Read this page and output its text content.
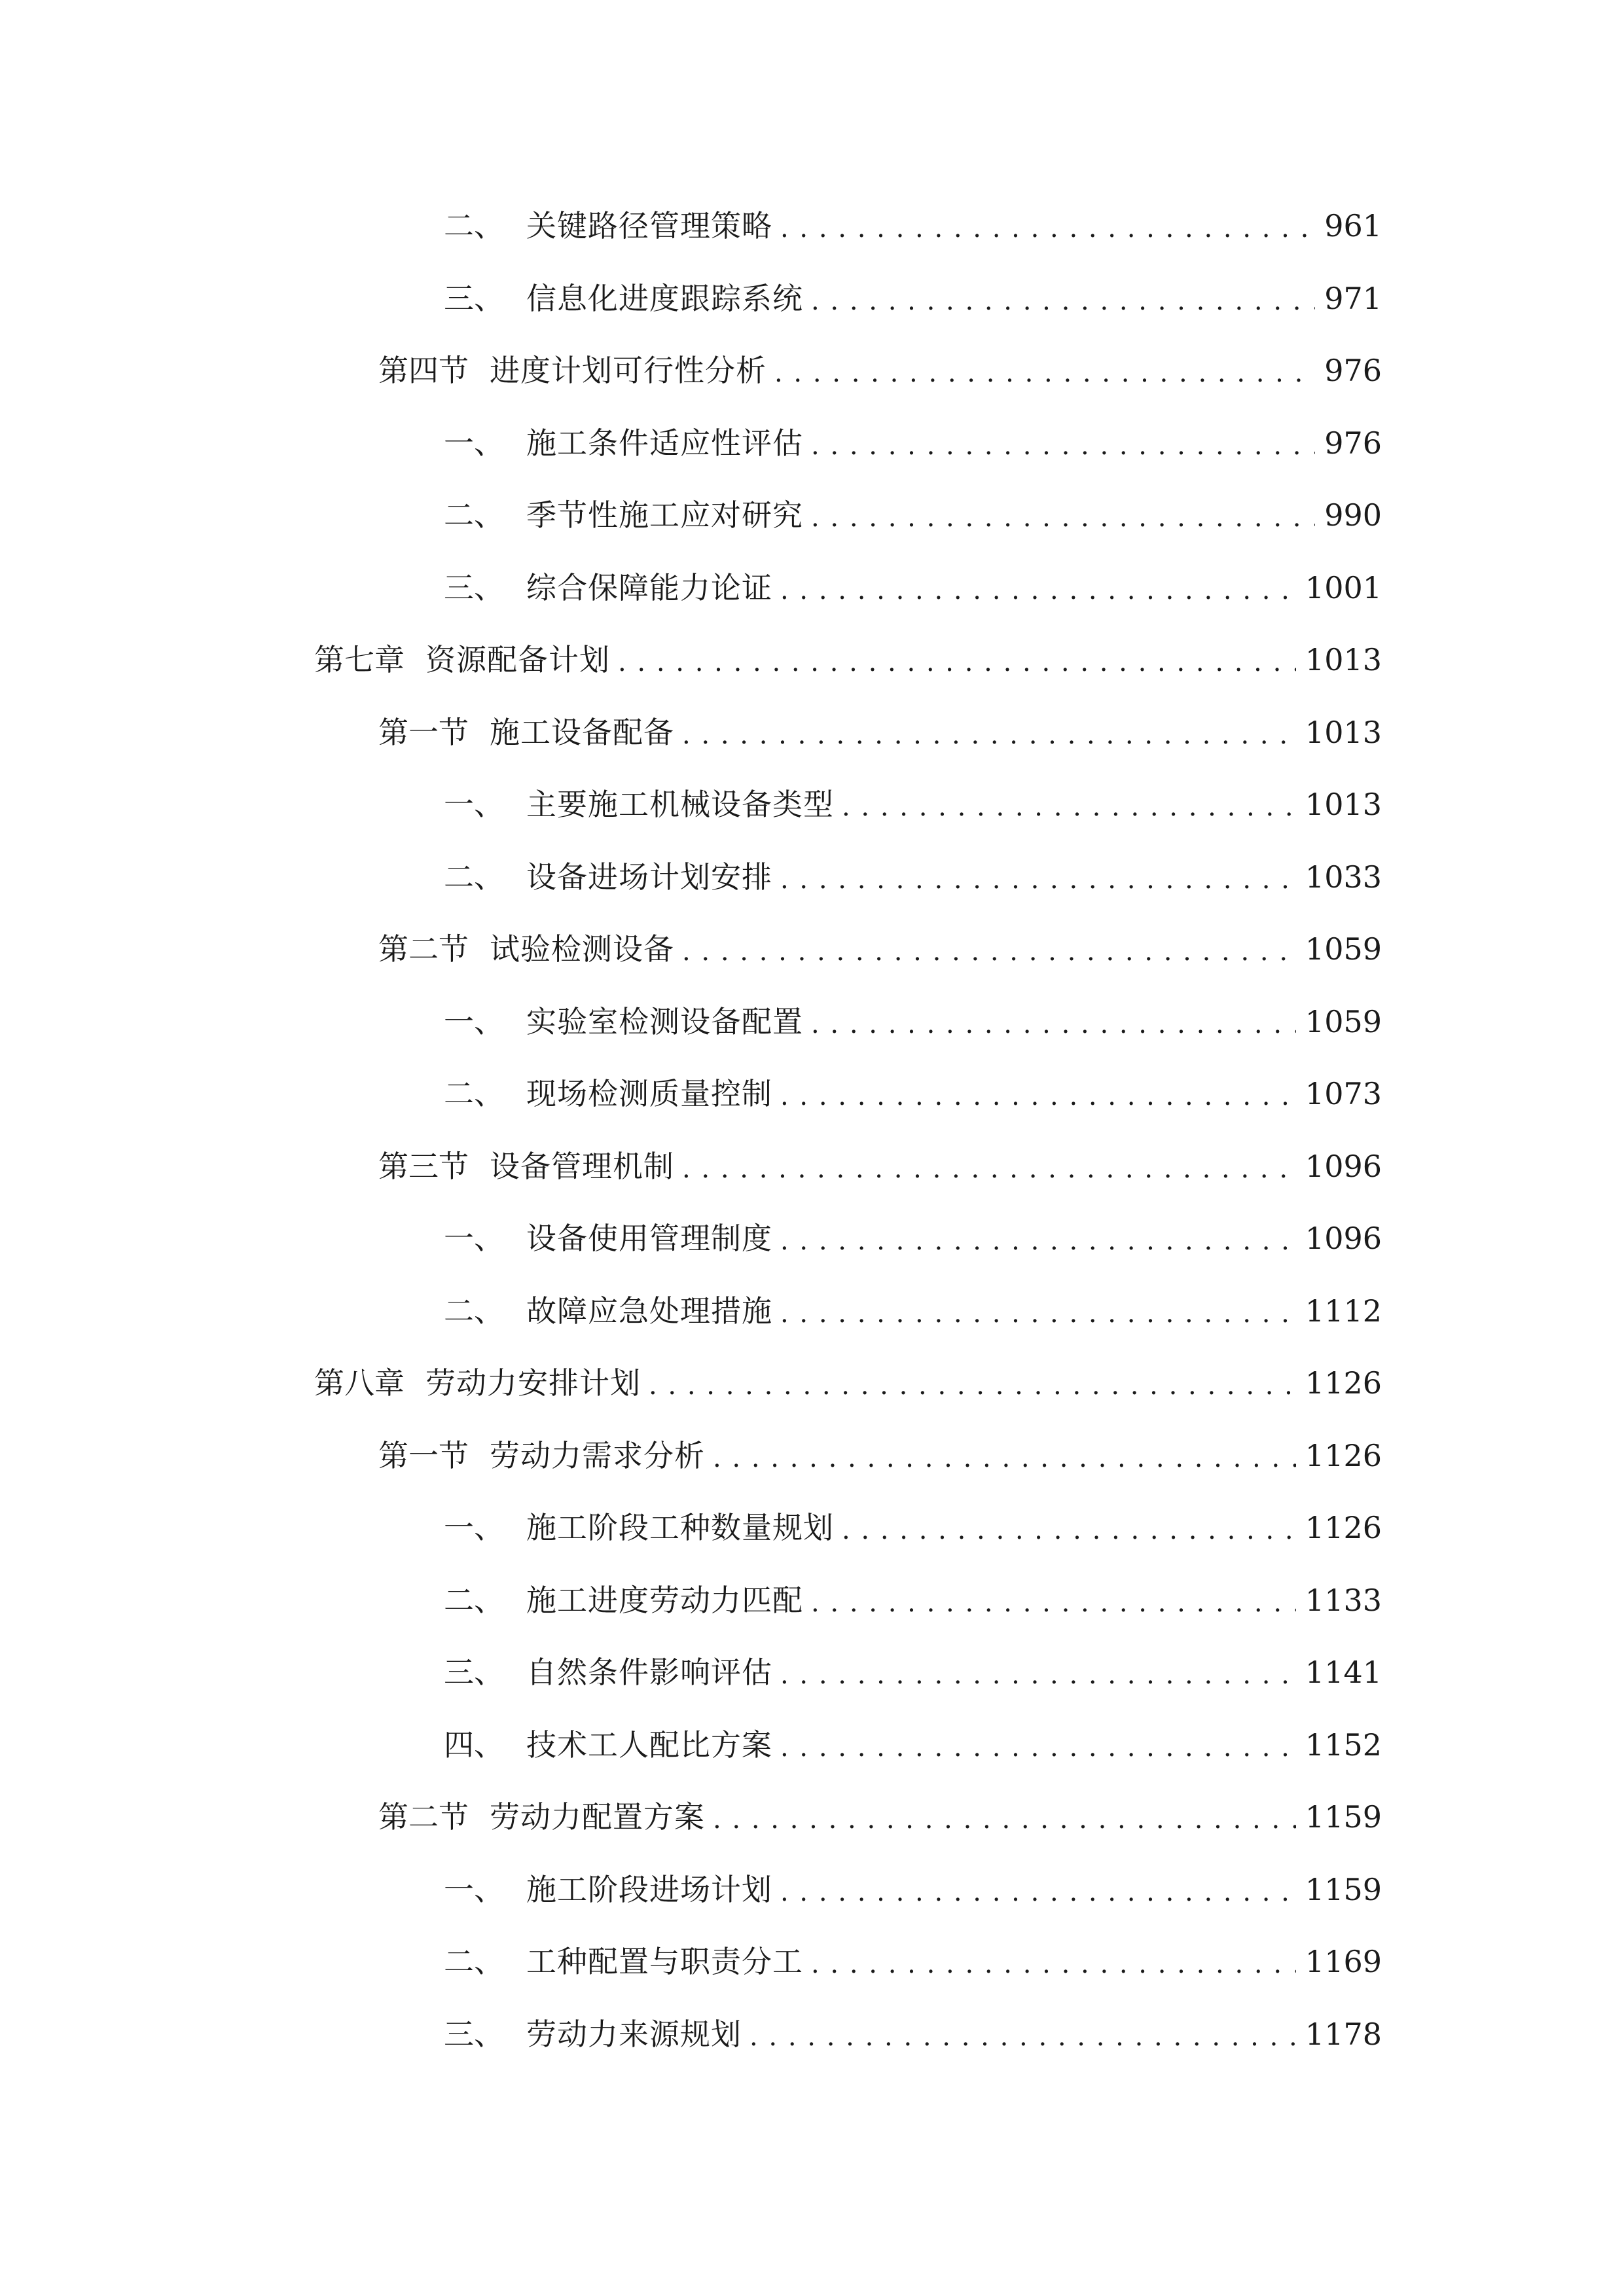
二、 关键路径管理策略 . . .	961
三、 信息化进度跟踪系统 . . .	971
第四节 进度计划可行性分析 . . .	976
一、 施工条件适应性评估 . . .	976
二、 季节性施工应对研究 . . .	990
三、 综合保障能力论证 . . .	1001
第七章 资源配备计划 . . .	1013
第一节 施工设备配备 . . .	1013
一、 主要施工机械设备类型 . . .	1013
二、 设备进场计划安排 . . .	1033
第二节 试验检测设备 . . .	1059
一、 实验室检测设备配置 . . .	1059
二、 现场检测质量控制 . . .	1073
第三节 设备管理机制 . . .	1096
一、 设备使用管理制度 . . .	1096
二、 故障应急处理措施 . . .	1112
第八章 劳动力安排计划 . . .	1126
第一节 劳动力需求分析 . . .	1126
一、 施工阶段工种数量规划 . . .	1126
二、 施工进度劳动力匹配 . . .	1133
三、 自然条件影响评估 . . .	1141
四、 技术工人配比方案 . . .	1152
第二节 劳动力配置方案 . . .	1159
一、 施工阶段进场计划 . . .	1159
二、 工种配置与职责分工 . . .	1169
三、 劳动力来源规划 . . .	1178
